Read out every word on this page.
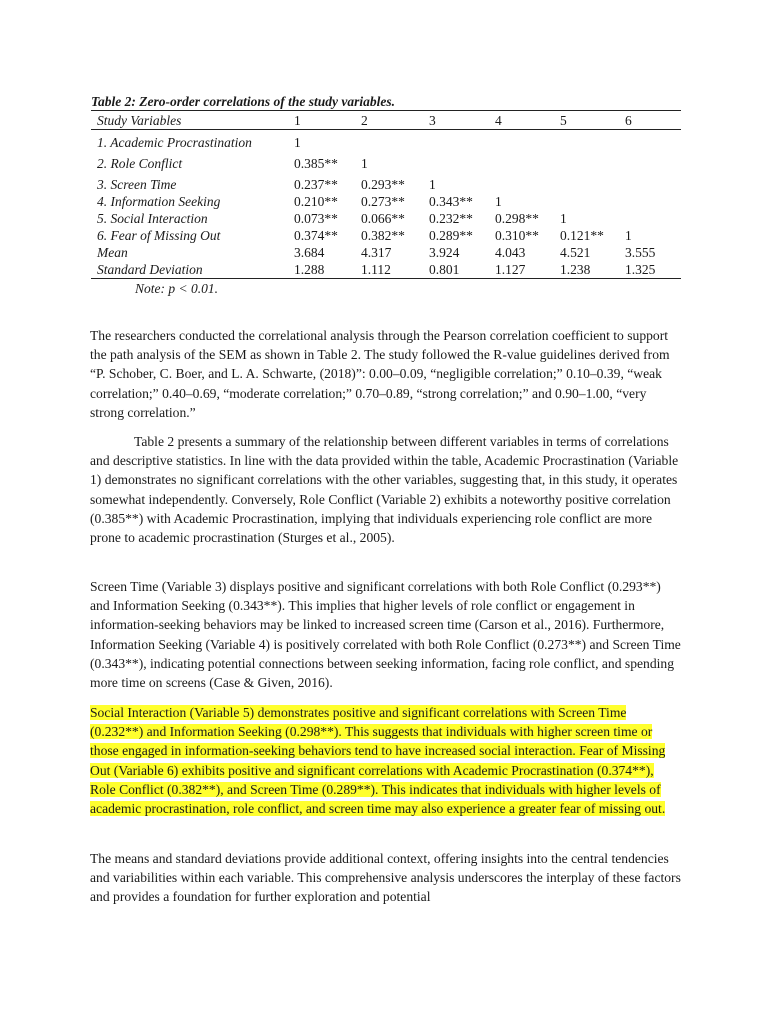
Table 2: Zero-order correlations of the study variables.
Study Variables	1	2	3	4	5	6
1. Academic Procrastination	1					
2. Role Conflict	0.385**	1				
3. Screen Time	0.237**	0.293**	1			
4. Information Seeking	0.210**	0.273**	0.343**	1		
5. Social Interaction	0.073**	0.066**	0.232**	0.298**	1	
6. Fear of Missing Out	0.374**	0.382**	0.289**	0.310**	0.121**	1
Mean	3.684	4.317	3.924	4.043	4.521	3.555
Standard Deviation	1.288	1.112	0.801	1.127	1.238	1.325
Note: p < 0.01.

The researchers conducted the correlational analysis through the Pearson correlation coefficient to support the path analysis of the SEM as shown in Table 2. The study followed the R-value guidelines derived from “P. Schober, C. Boer, and L. A. Schwarte, (2018)”: 0.00–0.09, “negligible correlation;” 0.10–0.39, “weak correlation;” 0.40–0.69, “moderate correlation;” 0.70–0.89, “strong correlation;” and 0.90–1.00, “very strong correlation.”

Table 2 presents a summary of the relationship between different variables in terms of correlations and descriptive statistics. In line with the data provided within the table, Academic Procrastination (Variable 1) demonstrates no significant correlations with the other variables, suggesting that, in this study, it operates somewhat independently. Conversely, Role Conflict (Variable 2) exhibits a noteworthy positive correlation (0.385**) with Academic Procrastination, implying that individuals experiencing role conflict are more prone to academic procrastination (Sturges et al., 2005).

Screen Time (Variable 3) displays positive and significant correlations with both Role Conflict (0.293**) and Information Seeking (0.343**). This implies that higher levels of role conflict or engagement in information-seeking behaviors may be linked to increased screen time (Carson et al., 2016). Furthermore, Information Seeking (Variable 4) is positively correlated with both Role Conflict (0.273**) and Screen Time (0.343**), indicating potential connections between seeking information, facing role conflict, and spending more time on screens (Case & Given, 2016).

Social Interaction (Variable 5) demonstrates positive and significant correlations with Screen Time (0.232**) and Information Seeking (0.298**). This suggests that individuals with higher screen time or those engaged in information-seeking behaviors tend to have increased social interaction. Fear of Missing Out (Variable 6) exhibits positive and significant correlations with Academic Procrastination (0.374**), Role Conflict (0.382**), and Screen Time (0.289**). This indicates that individuals with higher levels of academic procrastination, role conflict, and screen time may also experience a greater fear of missing out.

The means and standard deviations provide additional context, offering insights into the central tendencies and variabilities within each variable. This comprehensive analysis underscores the interplay of these factors and provides a foundation for further exploration and potential
